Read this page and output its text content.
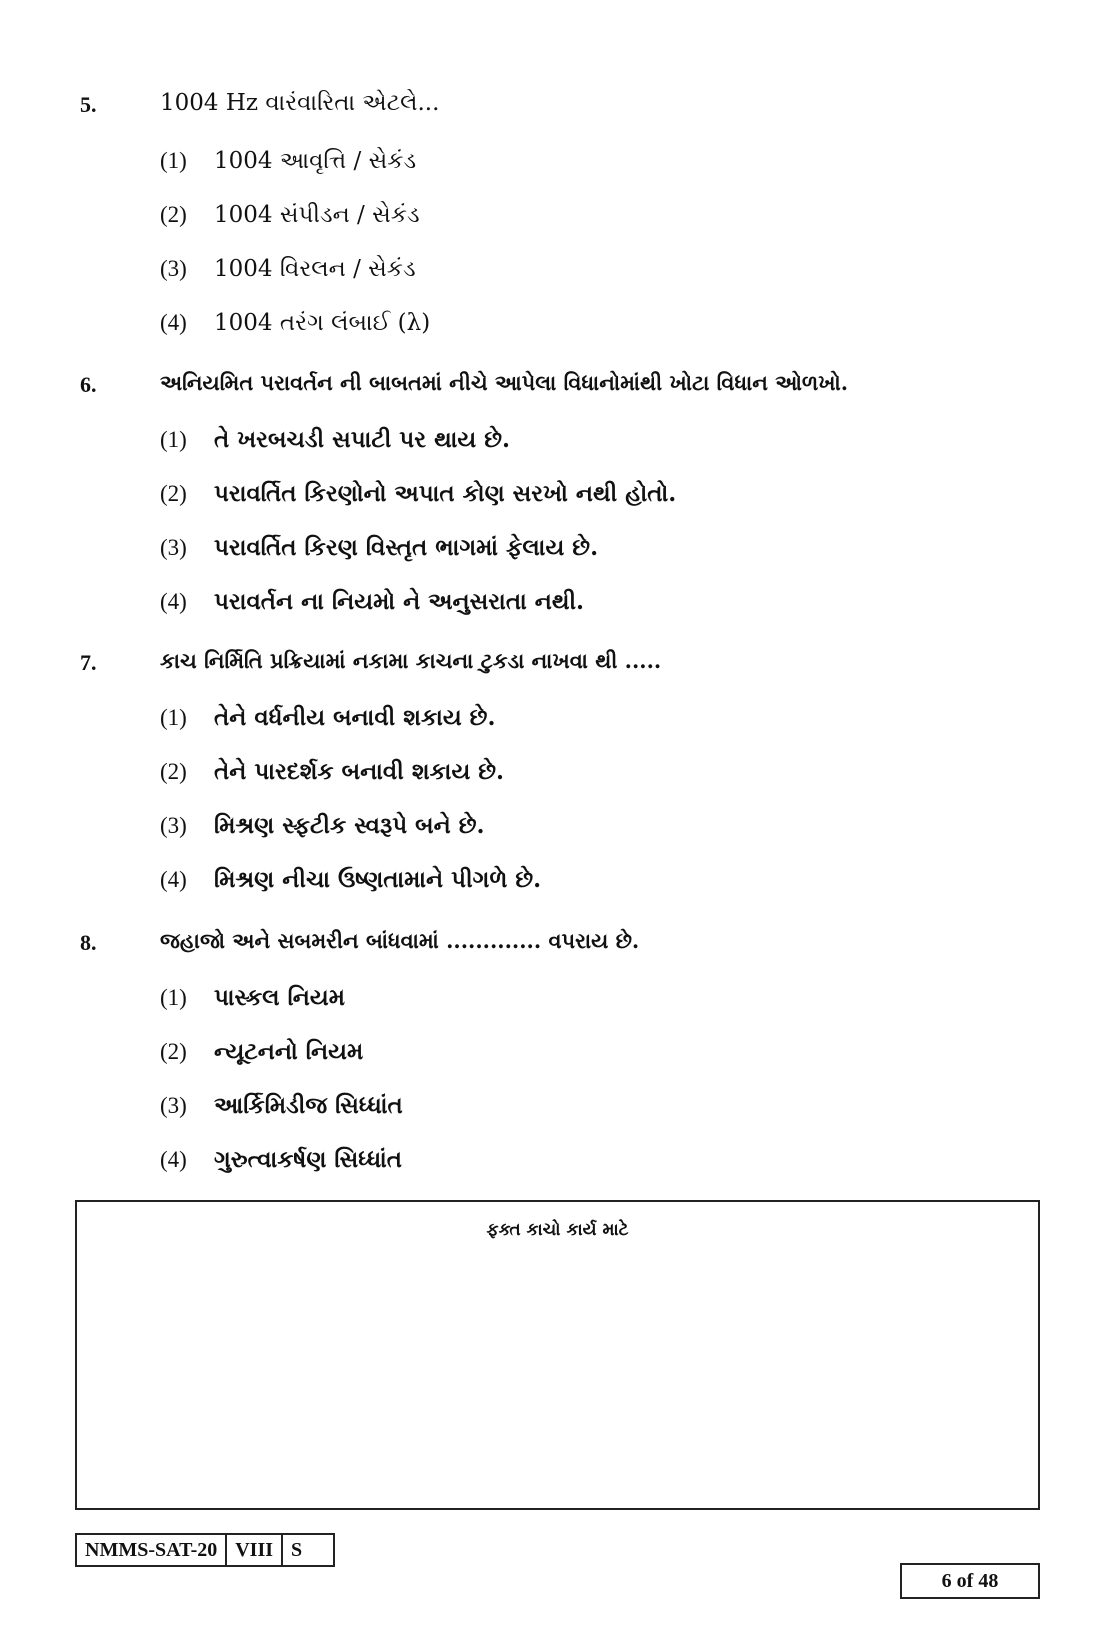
5.	1004 Hz વારંવારિતા એટલે...
(1) 1004 આવૃત્તિ / સેકંડ
(2) 1004 સંપીડન / સેકંડ
(3) 1004 વિરલન / સેકંડ
(4) 1004 તરંગ લંબાઈ (λ)
6.	અનિયમિત પરાવર્તન ની બાબતમાં નીચે આપેલા વિધાનોમાંથી ખોટા વિધાન ઓળખો.
(1) તે ખરબચડી સપાટી પર થાય છે.
(2) પરાવર્તિત કિરણોનો અપાત કોણ સરખો નથી હોતો.
(3) પરાવર્તિત કિરણ વિસ્તૃત ભાગમાં ફેલાય છે.
(4) પરાવર્તન ના નિયમો ને અનુસરાતા નથી.
7.	કાચ નિર્મિતિ પ્રક્રિયામાં નકામા કાચના ટુકડા નાખવા થી .....
(1) તેને વર્ધનીય બનાવી શકાય છે.
(2) તેને પારદર્શક બનાવી શકાય છે.
(3) મિશ્રણ સ્ફટીક સ્વરૂપે બને છે.
(4) મિશ્રણ નીચા ઉષ્ણતામાને પીગળે છે.
8.	જહાજો અને સબમરીન બાંધવામાં ............. વપરાય છે.
(1) પાસ્કલ નિયમ
(2) ન્યૂટનનો નિયમ
(3) આર્કિમિડીજ સિધ્ધાંત
(4) ગુરુત્વાકર્ષણ સિધ્ધાંત
ફક્ત કાચો કાર્ય માટે
NMMS-SAT-20 VIII S
6 of 48
